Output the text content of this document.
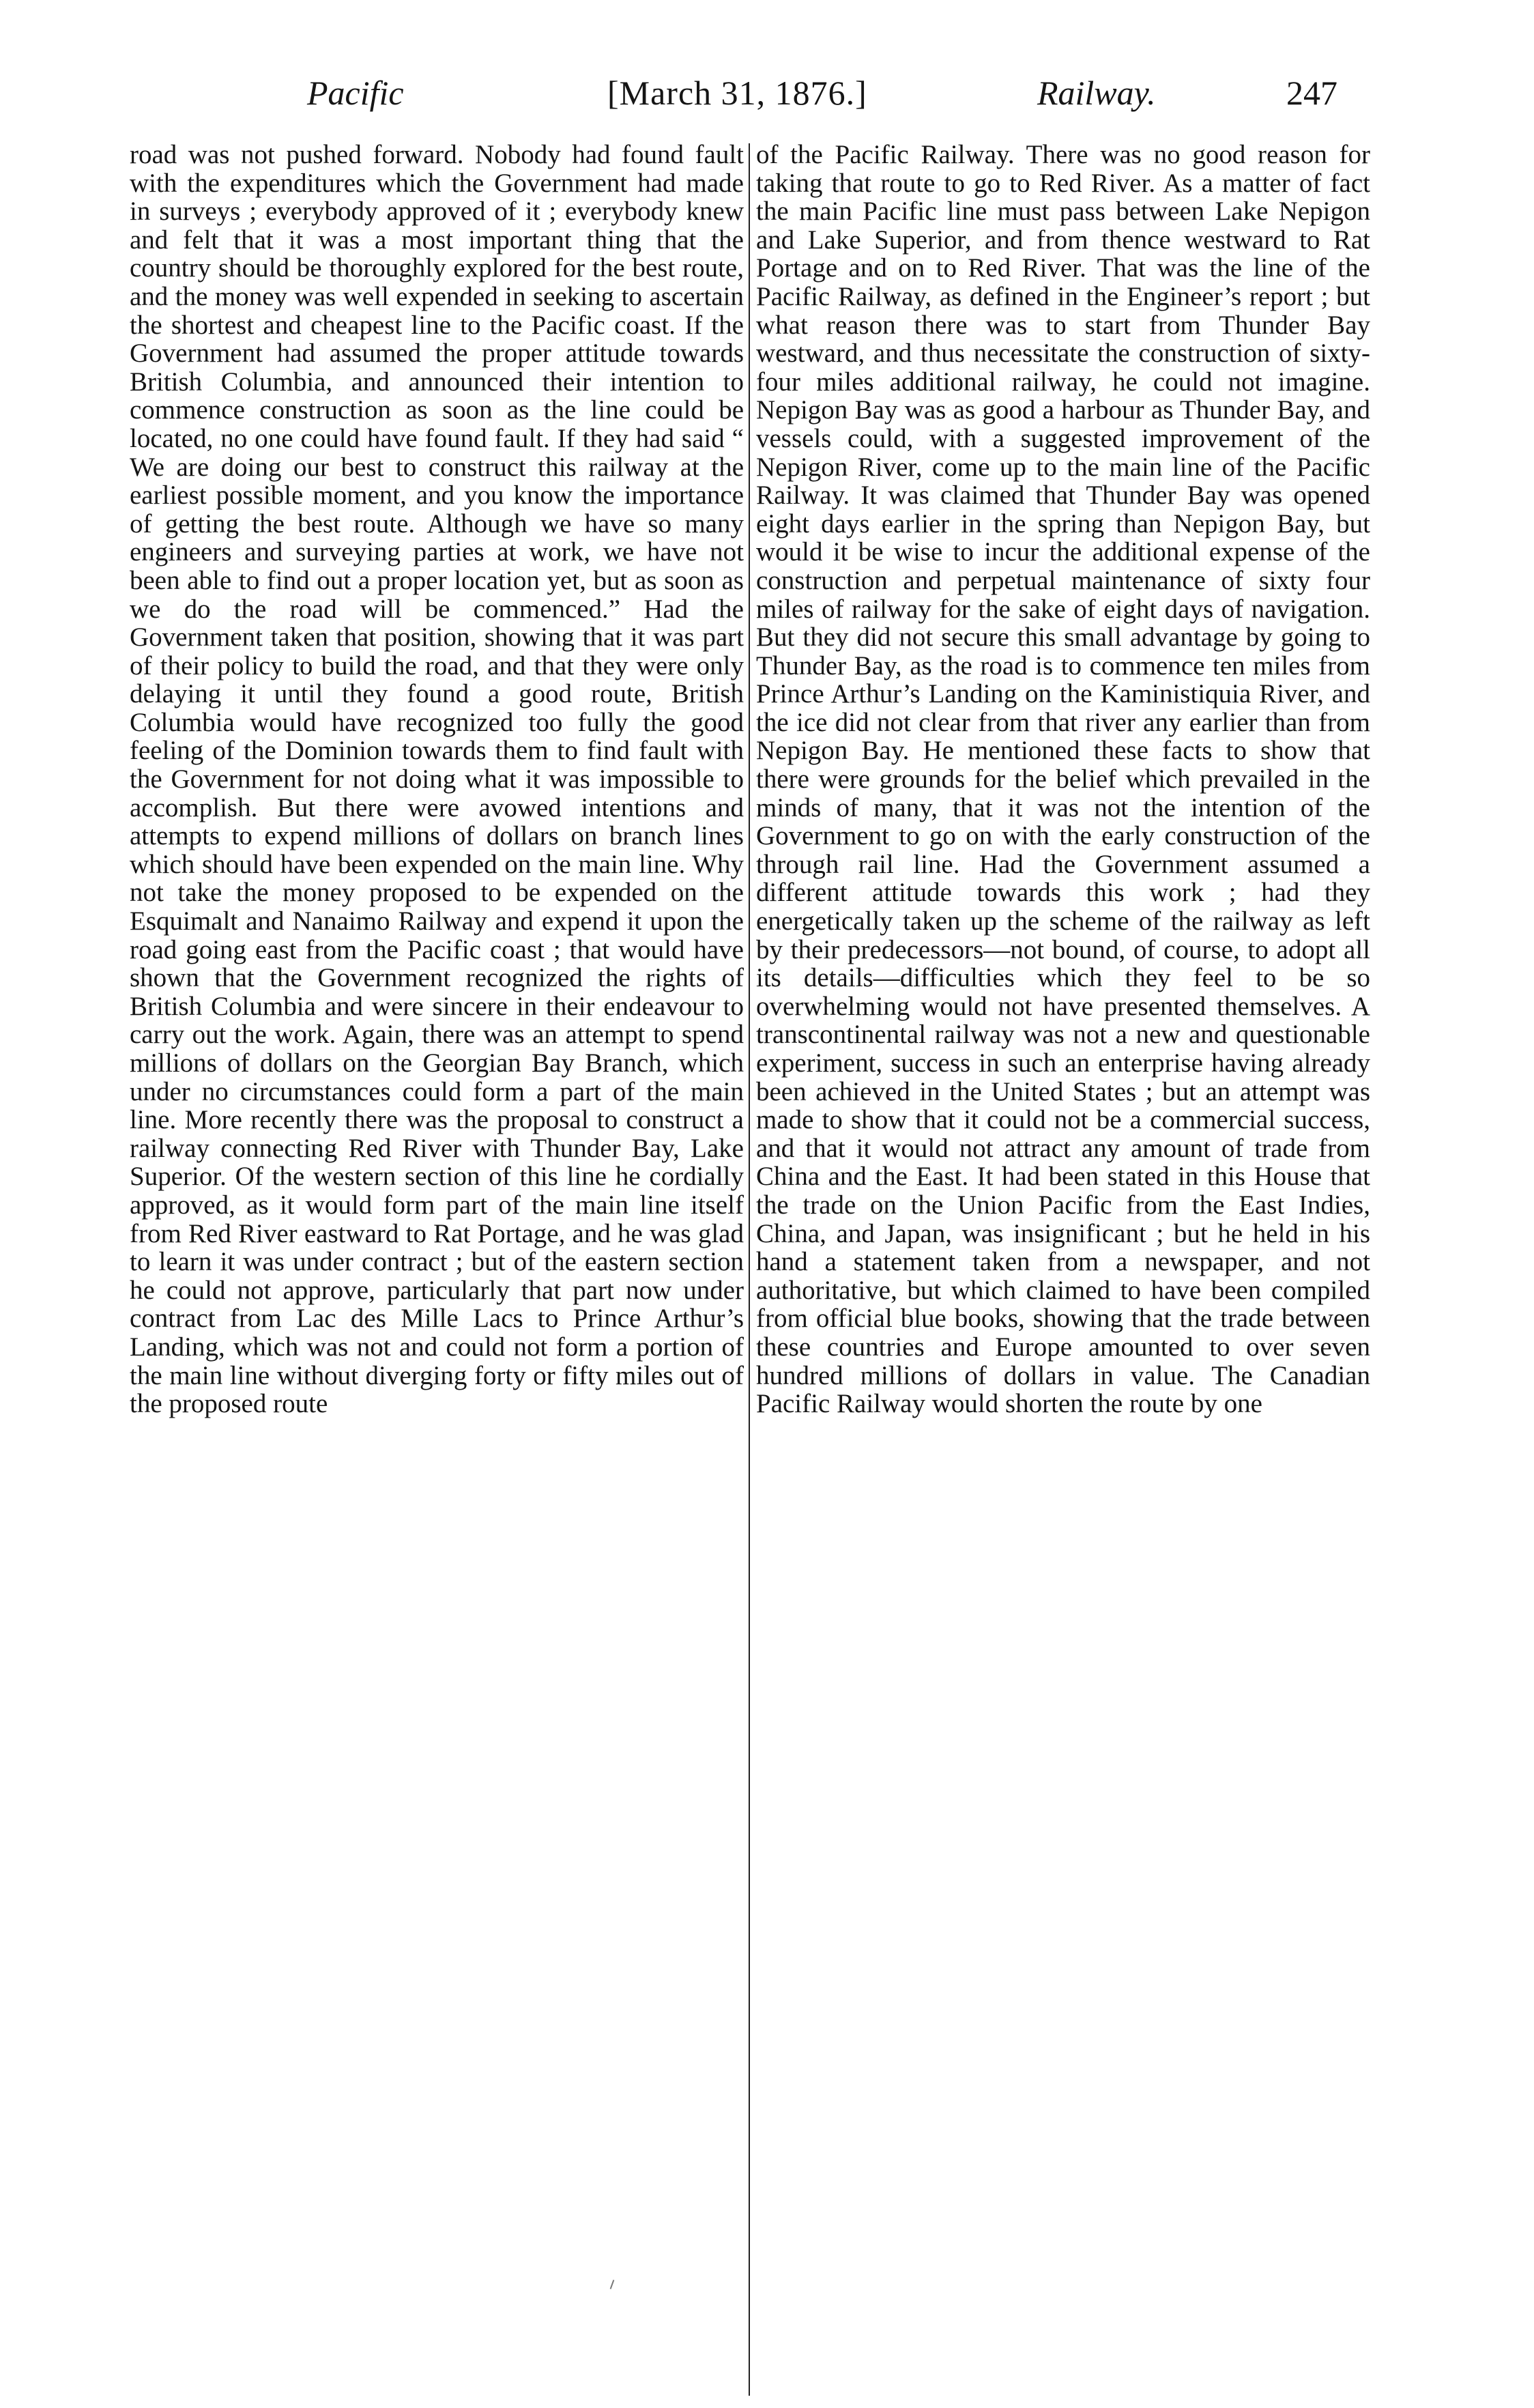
Pacific	[March 31, 1876.]	Railway.	247

road was not pushed forward. Nobody had found fault with the expenditures which the Government had made in surveys ; everybody approved of it ; everybody knew and felt that it was a most important thing that the country should be thoroughly explored for the best route, and the money was well expended in seeking to ascertain the shortest and cheapest line to the Pacific coast. If the Government had assumed the proper attitude towards British Columbia, and announced their intention to commence construction as soon as the line could be located, no one could have found fault. If they had said “ We are doing our best to construct this railway at the earliest possible moment, and you know the importance of getting the best route. Although we have so many engineers and surveying parties at work, we have not been able to find out a proper location yet, but as soon as we do the road will be commenced.” Had the Government taken that position, showing that it was part of their policy to build the road, and that they were only delaying it until they found a good route, British Columbia would have recognized too fully the good feeling of the Dominion towards them to find fault with the Government for not doing what it was impossible to accomplish. But there were avowed intentions and attempts to expend millions of dollars on branch lines which should have been expended on the main line. Why not take the money proposed to be expended on the Esquimalt and Nanaimo Railway and expend it upon the road going east from the Pacific coast ; that would have shown that the Government recognized the rights of British Columbia and were sincere in their endeavour to carry out the work. Again, there was an attempt to spend millions of dollars on the Georgian Bay Branch, which under no circumstances could form a part of the main line. More recently there was the proposal to construct a railway connecting Red River with Thunder Bay, Lake Superior. Of the western section of this line he cordially approved, as it would form part of the main line itself from Red River eastward to Rat Portage, and he was glad to learn it was under contract ; but of the eastern section he could not approve, particularly that part now under contract from Lac des Mille Lacs to Prince Arthur’s Landing, which was not and could not form a portion of the main line without diverging forty or fifty miles out of the proposed route

of the Pacific Railway. There was no good reason for taking that route to go to Red River. As a matter of fact the main Pacific line must pass between Lake Nepigon and Lake Superior, and from thence westward to Rat Portage and on to Red River. That was the line of the Pacific Railway, as defined in the Engineer’s report ; but what reason there was to start from Thunder Bay westward, and thus necessitate the construction of sixty-four miles additional railway, he could not imagine. Nepigon Bay was as good a harbour as Thunder Bay, and vessels could, with a suggested improvement of the Nepigon River, come up to the main line of the Pacific Railway. It was claimed that Thunder Bay was opened eight days earlier in the spring than Nepigon Bay, but would it be wise to incur the additional expense of the construction and perpetual maintenance of sixty four miles of railway for the sake of eight days of navigation. But they did not secure this small advantage by going to Thunder Bay, as the road is to commence ten miles from Prince Arthur’s Landing on the Kaministiquia River, and the ice did not clear from that river any earlier than from Nepigon Bay. He mentioned these facts to show that there were grounds for the belief which prevailed in the minds of many, that it was not the intention of the Government to go on with the early construction of the through rail line. Had the Government assumed a different attitude towards this work ; had they energetically taken up the scheme of the railway as left by their predecessors—not bound, of course, to adopt all its details—difficulties which they feel to be so overwhelming would not have presented themselves. A transcontinental railway was not a new and questionable experiment, success in such an enterprise having already been achieved in the United States ; but an attempt was made to show that it could not be a commercial success, and that it would not attract any amount of trade from China and the East. It had been stated in this House that the trade on the Union Pacific from the East Indies, China, and Japan, was insignificant ; but he held in his hand a statement taken from a newspaper, and not authoritative, but which claimed to have been compiled from official blue books, showing that the trade between these countries and Europe amounted to over seven hundred millions of dollars in value. The Canadian Pacific Railway would shorten the route by one
